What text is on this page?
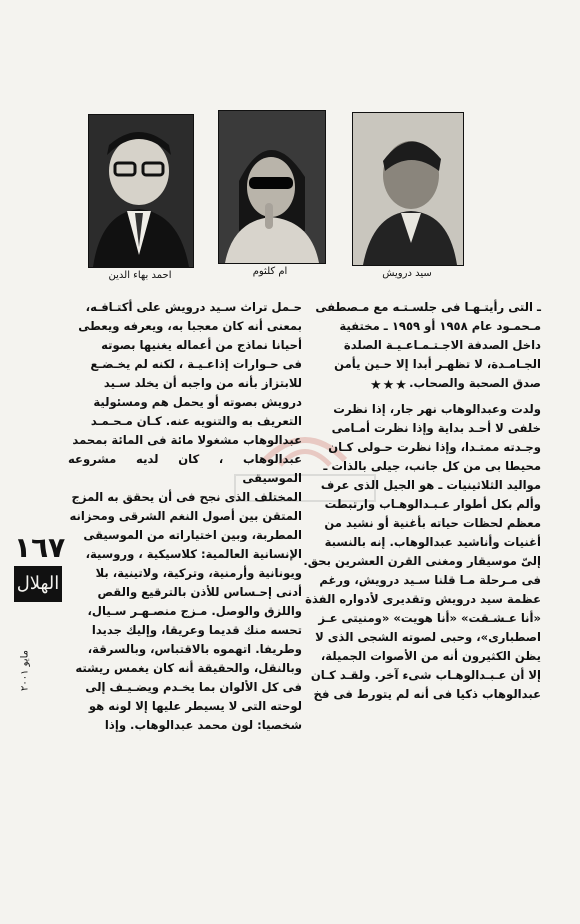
سيد درويش
ام كلثوم
احمد بهاء الدين
ـ التى رأيتـهـا فى جلسـتـه مع مـصطفى
مـحمـود عام ١٩٥٨ أو ١٩٥٩ ـ مختفية
داخل الصدفة الاجـتـمـاعـيـة الصلدة
الجـامـدة، لا تظهـر أبدا إلا حـين يأمن
صدق الصحبة والصحاب.
★★★
ولدت وعبدالوهاب نهر جار، إذا نظرت
خلفى لا أحـد بداية وإذا نظرت أمـامى
وجـدته ممتـدا، وإذا نظرت حـولى كـان
محيطا بى من كل جانب، جيلى بالذات ـ
مواليد الثلاثينيات ـ هو الجيل الذى عرف
وألم بكل أطوار عـبـدالوهـاب وارتبطت
معظم لحظات حياته بأغنية أو نشيد من
أغنيات وأناشيد عبدالوهاب. إنه بالنسبة
إلىّ موسيقار ومغنى القرن العشرين بحق.
فى مـرحلة مـا قلنا سـيد درويش، ورغم
عظمة سيد درويش وتقديرى لأدواره الفذة
«أنا عـشـقت» «أنا هويت» «ومنيتى عـز
اصطبارى»، وحبى لصوته الشجى الذى لا
يظن الكثيرون أنه من الأصوات الجميلة،
إلا أن عـبـدالوهـاب شىء آخر. ولقـد كـان
عبدالوهاب ذكيا فى أنه لم يتورط فى فخ
حـمل تراث سـيد درويش على أكتـافـه،
بمعنى أنه كان معجبا به، ويعرفه ويعطى
أحيانا نماذج من أعماله يغنيها بصوته
فى حـوارات إذاعـيـة ، لكنه لم يخـضـع
للابتزاز بأنه من واجبه أن يخلد سـيد
درويش بصوته أو يحمل هم ومسئولية
التعريف به والتنويه عنه. كـان مـحـمـد
عبدالوهاب مشغولا مائة فى المائة بمحمد
عبدالوهاب ، كان لديه مشروعه الموسيقى
المختلف الذى نجح فى أن يحقق به المزج
المتقن بين أصول النغم الشرقى ومحزانه
المطربة، وبين اختياراته من الموسيقى
الإنسانية العالمية: كلاسيكية ، وروسية،
ويونانية وأرمنية، وتركية، ولاتينية، بلا
أدنى إحـساس للأذن بالترقيع والقص
واللزق والوصل. مـزج منصـهـر سـيال،
تحسه منك قديما وعريقا، وإليك جديدا
وطريفا. اتهموه بالاقتباس، وبالسرقة،
وبالنقل، والحقيقة أنه كان يغمس ريشته
فى كل الألوان بما يخـدم ويضـيـف إلى
لوحته التى لا يسيطر عليها إلا لونه هو
شخصيا: لون محمد عبدالوهاب. وإذا
١٦٧
الهلال
مايو ٢٠٠١
